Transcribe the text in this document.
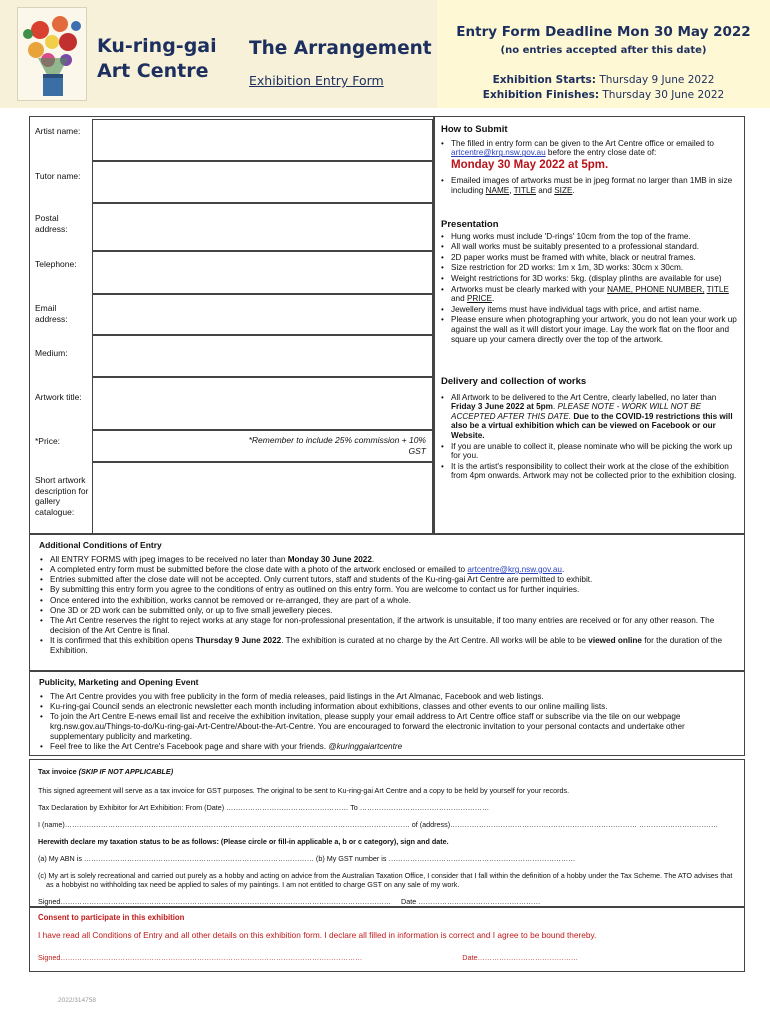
Ku-ring-gai
Art Centre
The Arrangement
Exhibition Entry Form
Entry Form Deadline Mon 30 May 2022
(no entries accepted after this date)
Exhibition Starts: Thursday 9 June 2022
Exhibition Finishes: Thursday 30 June 2022
Artist name:
Tutor name:
Postal address:
Telephone:
Email address:
Medium:
Artwork title:
*Price:	*Remember to include 25% commission + 10% GST
Short artwork description for gallery catalogue:
How to Submit
• The filled in entry form can be given to the Art Centre office or emailed to artcentre@krg.nsw.gov.au before the entry close date of:
Monday 30 May 2022 at 5pm.
• Emailed images of artworks must be in jpeg format no larger than 1MB in size including NAME, TITLE and SIZE.
Presentation
• Hung works must include 'D-rings' 10cm from the top of the frame.
• All wall works must be suitably presented to a professional standard.
• 2D paper works must be framed with white, black or neutral frames.
• Size restriction for 2D works: 1m x 1m, 3D works: 30cm x 30cm.
• Weight restrictions for 3D works: 5kg. (display plinths are available for use)
• Artworks must be clearly marked with your NAME, PHONE NUMBER, TITLE and PRICE.
• Jewellery items must have individual tags with price, and artist name.
• Please ensure when photographing your artwork, you do not lean your work up against the wall as it will distort your image. Lay the work flat on the floor and square up your camera directly over the top of the artwork.
Delivery and collection of works
• All Artwork to be delivered to the Art Centre, clearly labelled, no later than Friday 3 June 2022 at 5pm. PLEASE NOTE - WORK WILL NOT BE ACCEPTED AFTER THIS DATE. Due to the COVID-19 restrictions this will also be a virtual exhibition which can be viewed on Facebook or our Website.
• If you are unable to collect it, please nominate who will be picking the work up for you.
• It is the artist's responsibility to collect their work at the close of the exhibition from 4pm onwards. Artwork may not be collected prior to the exhibition closing.
Additional Conditions of Entry
• All ENTRY FORMS with jpeg images to be received no later than Monday 30 June 2022.
• A completed entry form must be submitted before the close date with a photo of the artwork enclosed or emailed to artcentre@krg.nsw.gov.au.
• Entries submitted after the close date will not be accepted. Only current tutors, staff and students of the Ku-ring-gai Art Centre are permitted to exhibit.
• By submitting this entry form you agree to the conditions of entry as outlined on this entry form. You are welcome to contact us for further inquiries.
• Once entered into the exhibition, works cannot be removed or re-arranged, they are part of a whole.
• One 3D or 2D work can be submitted only, or up to five small jewellery pieces.
• The Art Centre reserves the right to reject works at any stage for non-professional presentation, if the artwork is unsuitable, if too many entries are received or for any other reason. The decision of the Art Centre is final.
• It is confirmed that this exhibition opens Thursday 9 June 2022. The exhibition is curated at no charge by the Art Centre. All works will be able to be viewed online for the duration of the Exhibition.
Publicity, Marketing and Opening Event
• The Art Centre provides you with free publicity in the form of media releases, paid listings in the Art Almanac, Facebook and web listings.
• Ku-ring-gai Council sends an electronic newsletter each month including information about exhibitions, classes and other events to our online mailing lists.
• To join the Art Centre E-news email list and receive the exhibition invitation, please supply your email address to Art Centre office staff or subscribe via the tile on our webpage krg.nsw.gov.au/Things-to-do/Ku-ring-gai-Art-Centre/About-the-Art-Centre. You are encouraged to forward the electronic invitation to your personal contacts and undertake other supplementary publicity and marketing.
• Feel free to like the Art Centre's Facebook page and share with your friends. @kuringgaiartcentre

Tax invoice (SKIP IF NOT APPLICABLE)

This signed agreement will serve as a tax invoice for GST purposes. The original to be sent to Ku-ring-gai Art Centre and a copy to be held by yourself for your records.

Tax Declaration by Exhibitor for Art Exhibition: From (Date) …………………………………………… To ………………………………………………

I (name)……………………………………………………………………………………………………………………………… of (address)…………………………………………………………………… ……………………………

Herewith declare my taxation status to be as follows: (Please circle or fill-in applicable a, b or c category), sign and date.

(a) My ABN is …………………………………………………………………………………… (b) My GST number is ……………………………………………………………………

(c) My art is solely recreational and carried out purely as a hobby and acting on advice from the Australian Taxation Office, I consider that I fall within the definition of a hobby under the Tax Scheme. The ATO advises that as a hobbyist no withholding tax need be applied to sales of my paintings. I am not entitled to charge GST on any sale of my work.

Signed………………………………………………………………………………………………………………………… Date ……………………………………………

Consent to participate in this exhibition

I have read all Conditions of Entry and all other details on this exhibition form. I declare all filled in information is correct and I agree to be bound thereby.

Signed………………………………………………………………………………………………………………	Date……………………………………

2022/314758
